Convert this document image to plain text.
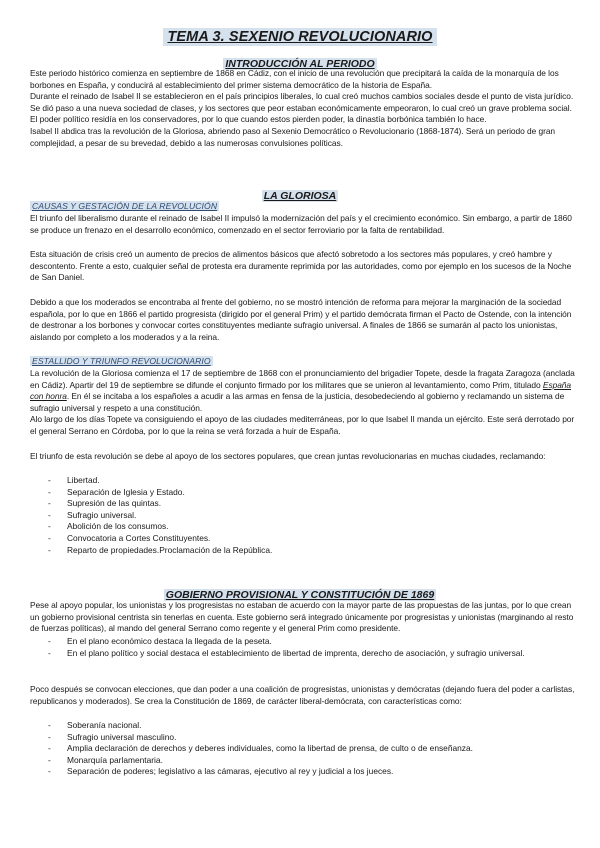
TEMA 3. SEXENIO REVOLUCIONARIO
INTRODUCCIÓN AL PERIODO

Este periodo histórico comienza en septiembre de 1868 en Cádiz, con el inicio de una revolución que precipitará la caída de la monarquía de los borbones en España, y conducirá al establecimiento del primer sistema democrático de la historia de España.

Durante el reinado de Isabel II se establecieron en el país principios liberales, lo cual creó muchos cambios sociales desde el punto de vista jurídico. Se dió paso a una nueva sociedad de clases, y los sectores que peor estaban económicamente empeoraron, lo cual creó un grave problema social.

El poder político residía en los conservadores, por lo que cuando estos pierden poder, la dinastía borbónica también lo hace.

Isabel II abdica tras la revolución de la Gloriosa, abriendo paso al Sexenio Democrático o Revolucionario (1868-1874). Será un periodo de gran complejidad, a pesar de su brevedad, debido a las numerosas convulsiones políticas.

LA GLORIOSA
CAUSAS Y GESTACIÓN DE LA REVOLUCIÓN

El triunfo del liberalismo durante el reinado de Isabel II impulsó la modernización del país y el crecimiento económico. Sin embargo, a partir de 1860 se produce un frenazo en el desarrollo económico, comenzado en el sector ferroviario por la falta de rentabilidad.

Esta situación de crisis creó un aumento de precios de alimentos básicos que afectó sobretodo a los sectores más populares, y creó hambre y descontento. Frente a esto, cualquier señal de protesta era duramente reprimida por las autoridades, como por ejemplo en los sucesos de la Noche de San Daniel.

Debido a que los moderados se encontraba al frente del gobierno, no se mostró intención de reforma para mejorar la marginación de la sociedad española, por lo que en 1866 el partido progresista (dirigido por el general Prim) y el partido demócrata firman el Pacto de Ostende, con la intención de destronar a los borbones y convocar cortes constituyentes mediante sufragio universal. A finales de 1866 se sumarán al pacto los unionistas, aislando por completo a los moderados y a la reina.

ESTALLIDO Y TRIUNFO REVOLUCIONARIO

La revolución de la Gloriosa comienza el 17 de septiembre de 1868 con el pronunciamiento del brigadier Topete, desde la fragata Zaragoza (anclada en Cádiz). Apartir del 19 de septiembre se difunde el conjunto firmado por los militares que se unieron al levantamiento, como Prim, titulado España con honra. En él se incitaba a los españoles a acudir a las armas en fensa de la justicia, desobedeciendo al gobierno y reclamando un sistema de sufragio universal y respeto a una constitución.

Alo largo de los días Topete va consiguiendo el apoyo de las ciudades mediterráneas, por lo que Isabel II manda un ejército. Este será derrotado por el general Serrano en Córdoba, por lo que la reina se verá forzada a huir de España.

El triunfo de esta revolución se debe al apoyo de los sectores populares, que crean juntas revolucionarias en muchas ciudades, reclamando:

- Libertad.
- Separación de Iglesia y Estado.
- Supresión de las quintas.
- Sufragio universal.
- Abolición de los consumos.
- Convocatoria a Cortes Constituyentes.
- Reparto de propiedades.Proclamación de la República.
GOBIERNO PROVISIONAL Y CONSTITUCIÓN DE 1869

Pese al apoyo popular, los unionistas y los progresistas no estaban de acuerdo con la mayor parte de las propuestas de las juntas, por lo que crean un gobierno provisional centrista sin tenerlas en cuenta. Este gobierno será integrado únicamente por progresistas y unionistas (marginando al resto de fuerzas políticas), al mando del general Serrano como regente y el general Prim como presidente.

- En el plano económico destaca la llegada de la peseta.
- En el plano político y social destaca el establecimiento de libertad de imprenta, derecho de asociación, y sufragio universal.

Poco después se convocan elecciones, que dan poder a una coalición de progresistas, unionistas y demócratas (dejando fuera del poder a carlistas, republicanos y moderados). Se crea la Constitución de 1869, de carácter liberal-demócrata, con características como:

- Soberanía nacional.
- Sufragio universal masculino.
- Amplia declaración de derechos y deberes individuales, como la libertad de prensa, de culto o de enseñanza.
- Monarquía parlamentaria.
- Separación de poderes; legislativo a las cámaras, ejecutivo al rey y judicial a los jueces.
